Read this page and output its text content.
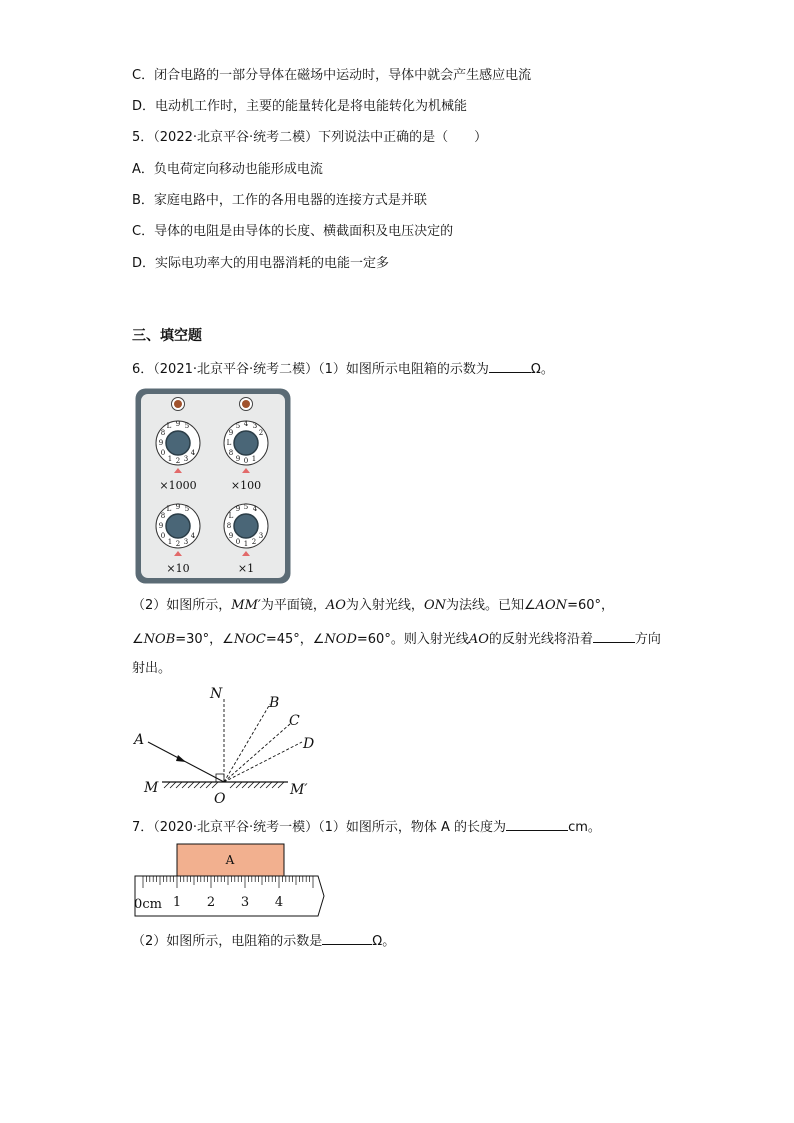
C．闭合电路的一部分导体在磁场中运动时，导体中就会产生感应电流
D．电动机工作时，主要的能量转化是将电能转化为机械能
5．（2022·北京平谷·统考二模）下列说法中正确的是（　　）
A．负电荷定向移动也能形成电流
B．家庭电路中，工作的各用电器的连接方式是并联
C．导体的电阻是由导体的长度、横截面积及电压决定的
D．实际电功率大的用电器消耗的电能一定多
三、填空题
6．（2021·北京平谷·统考二模）（1）如图所示电阻箱的示数为	Ω。
2 3
4
1
0
9
8
L 9 5
0 1
9
8
L
9
5 4 3
2
×1000	×100
2 3
4
1
0
9
8
L 9 5
1 2
3
0
9
8
L
9 5 4
×10	×1
（2）如图所示，MM′为平面镜，AO为入射光线，ON为法线。已知∠AON=60°，
∠NOB=30°，∠NOC=45°，∠NOD=60°。则入射光线AO的反射光线将沿着	方向
射出。
N
B
C
D
A
M
O
M′
7．（2020·北京平谷·统考一模）（1）如图所示，物体 A 的长度为	cm。
A
0cm 1 2 3 4
（2）如图所示，电阻箱的示数是	Ω。
